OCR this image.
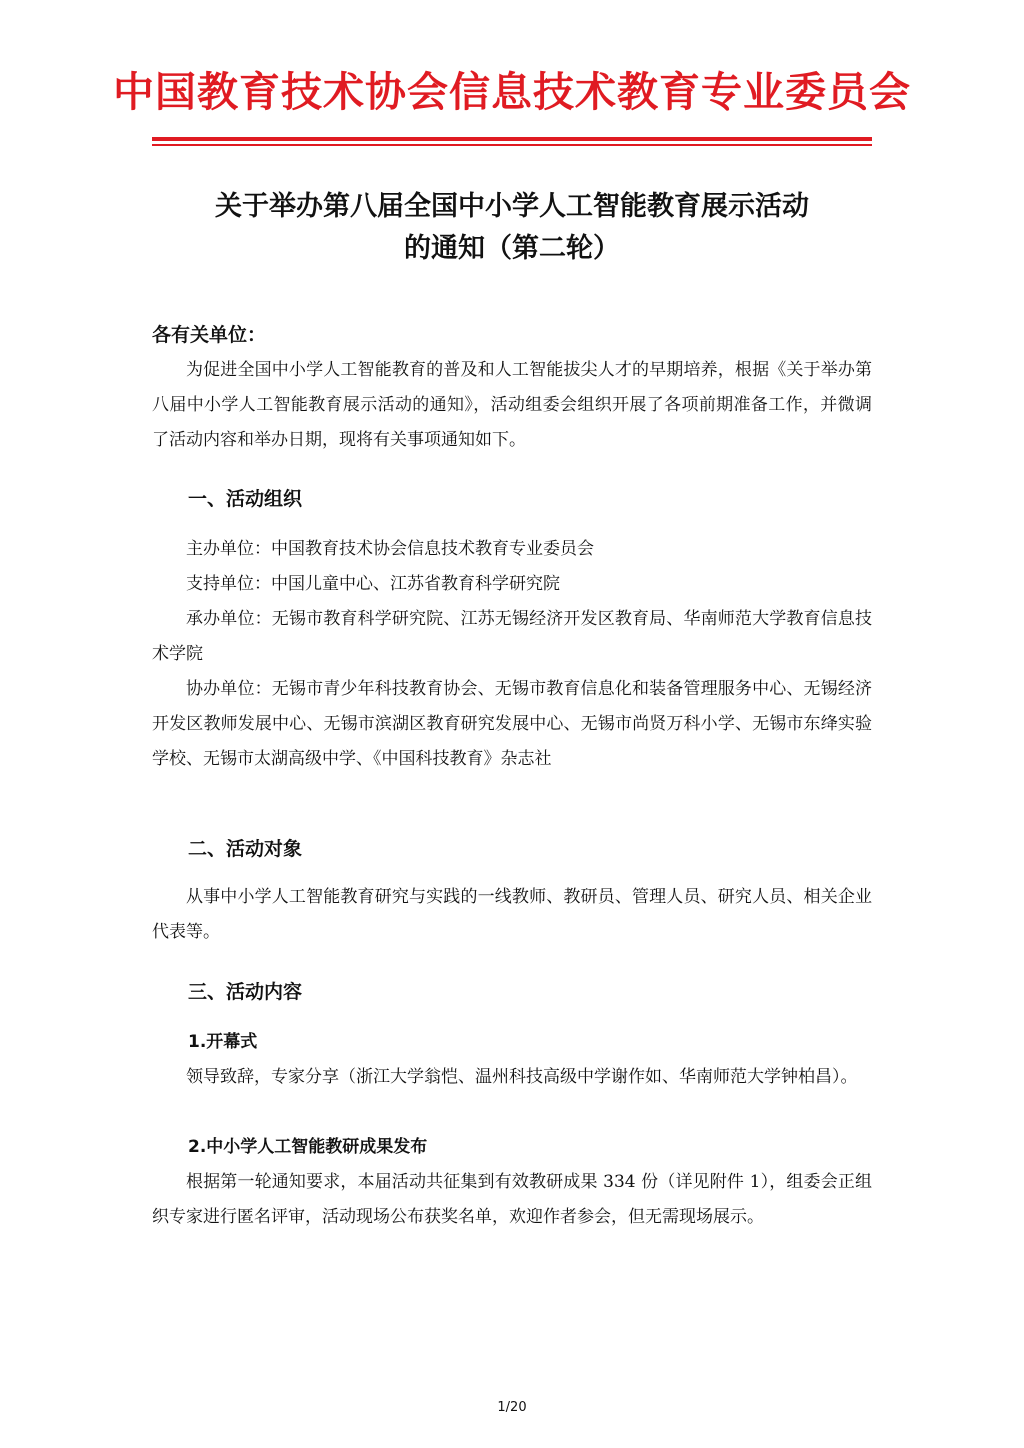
中国教育技术协会信息技术教育专业委员会
关于举办第八届全国中小学人工智能教育展示活动
的通知（第二轮）
各有关单位：

为促进全国中小学人工智能教育的普及和人工智能拔尖人才的早期培养，根据《关于举办第八届中小学人工智能教育展示活动的通知》，活动组委会组织开展了各项前期准备工作，并微调了活动内容和举办日期，现将有关事项通知如下。

一、活动组织

主办单位：中国教育技术协会信息技术教育专业委员会

支持单位：中国儿童中心、江苏省教育科学研究院

承办单位：无锡市教育科学研究院、江苏无锡经济开发区教育局、华南师范大学教育信息技术学院

协办单位：无锡市青少年科技教育协会、无锡市教育信息化和装备管理服务中心、无锡经济开发区教师发展中心、无锡市滨湖区教育研究发展中心、无锡市尚贤万科小学、无锡市东绛实验学校、无锡市太湖高级中学、《中国科技教育》杂志社

二、活动对象

从事中小学人工智能教育研究与实践的一线教师、教研员、管理人员、研究人员、相关企业代表等。

三、活动内容
1.开幕式

领导致辞，专家分享（浙江大学翁恺、温州科技高级中学谢作如、华南师范大学钟柏昌）。

2.中小学人工智能教研成果发布

根据第一轮通知要求，本届活动共征集到有效教研成果 334 份（详见附件 1），组委会正组织专家进行匿名评审，活动现场公布获奖名单，欢迎作者参会，但无需现场展示。

1/20
